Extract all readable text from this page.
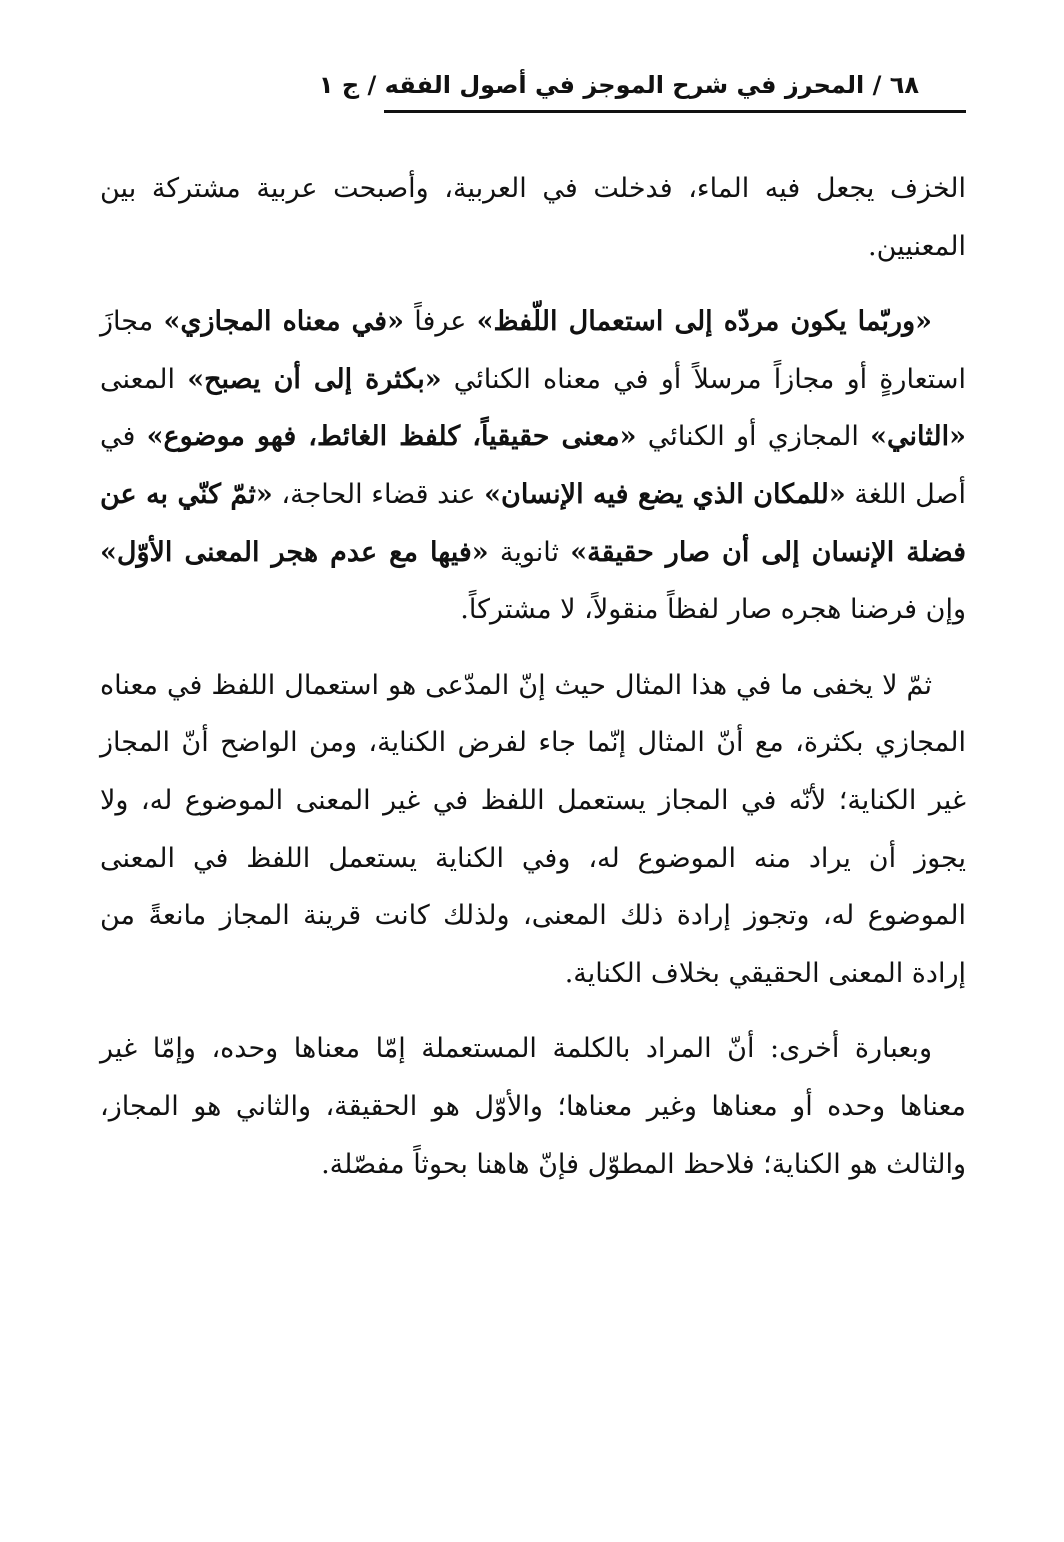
٦٨ / المحرز في شرح الموجز في أصول الفقه / ج ١

الخزف يجعل فيه الماء، فدخلت في العربية، وأصبحت عربية مشتركة بين المعنيين.

«وربّما يكون مردّه إلى استعمال اللّفظ» عرفاً «في معناه المجازي» مجازَ استعارةٍ أو مجازاً مرسلاً أو في معناه الكنائي «بكثرة إلى أن يصبح» المعنى «الثاني» المجازي أو الكنائي «معنى حقيقياً، كلفظ الغائط، فهو موضوع» في أصل اللغة «للمكان الذي يضع فيه الإنسان» عند قضاء الحاجة، «ثمّ كنّي به عن فضلة الإنسان إلى أن صار حقيقة» ثانوية «فيها مع عدم هجر المعنى الأوّل» وإن فرضنا هجره صار لفظاً منقولاً، لا مشتركاً.

ثمّ لا يخفى ما في هذا المثال حيث إنّ المدّعى هو استعمال اللفظ في معناه المجازي بكثرة، مع أنّ المثال إنّما جاء لفرض الكناية، ومن الواضح أنّ المجاز غير الكناية؛ لأنّه في المجاز يستعمل اللفظ في غير المعنى الموضوع له، ولا يجوز أن يراد منه الموضوع له، وفي الكناية يستعمل اللفظ في المعنى الموضوع له، وتجوز إرادة ذلك المعنى، ولذلك كانت قرينة المجاز مانعةً من إرادة المعنى الحقيقي بخلاف الكناية.

وبعبارة أخرى: أنّ المراد بالكلمة المستعملة إمّا معناها وحده، وإمّا غير معناها وحده أو معناها وغير معناها؛ والأوّل هو الحقيقة، والثاني هو المجاز، والثالث هو الكناية؛ فلاحظ المطوّل فإنّ هاهنا بحوثاً مفصّلة.
